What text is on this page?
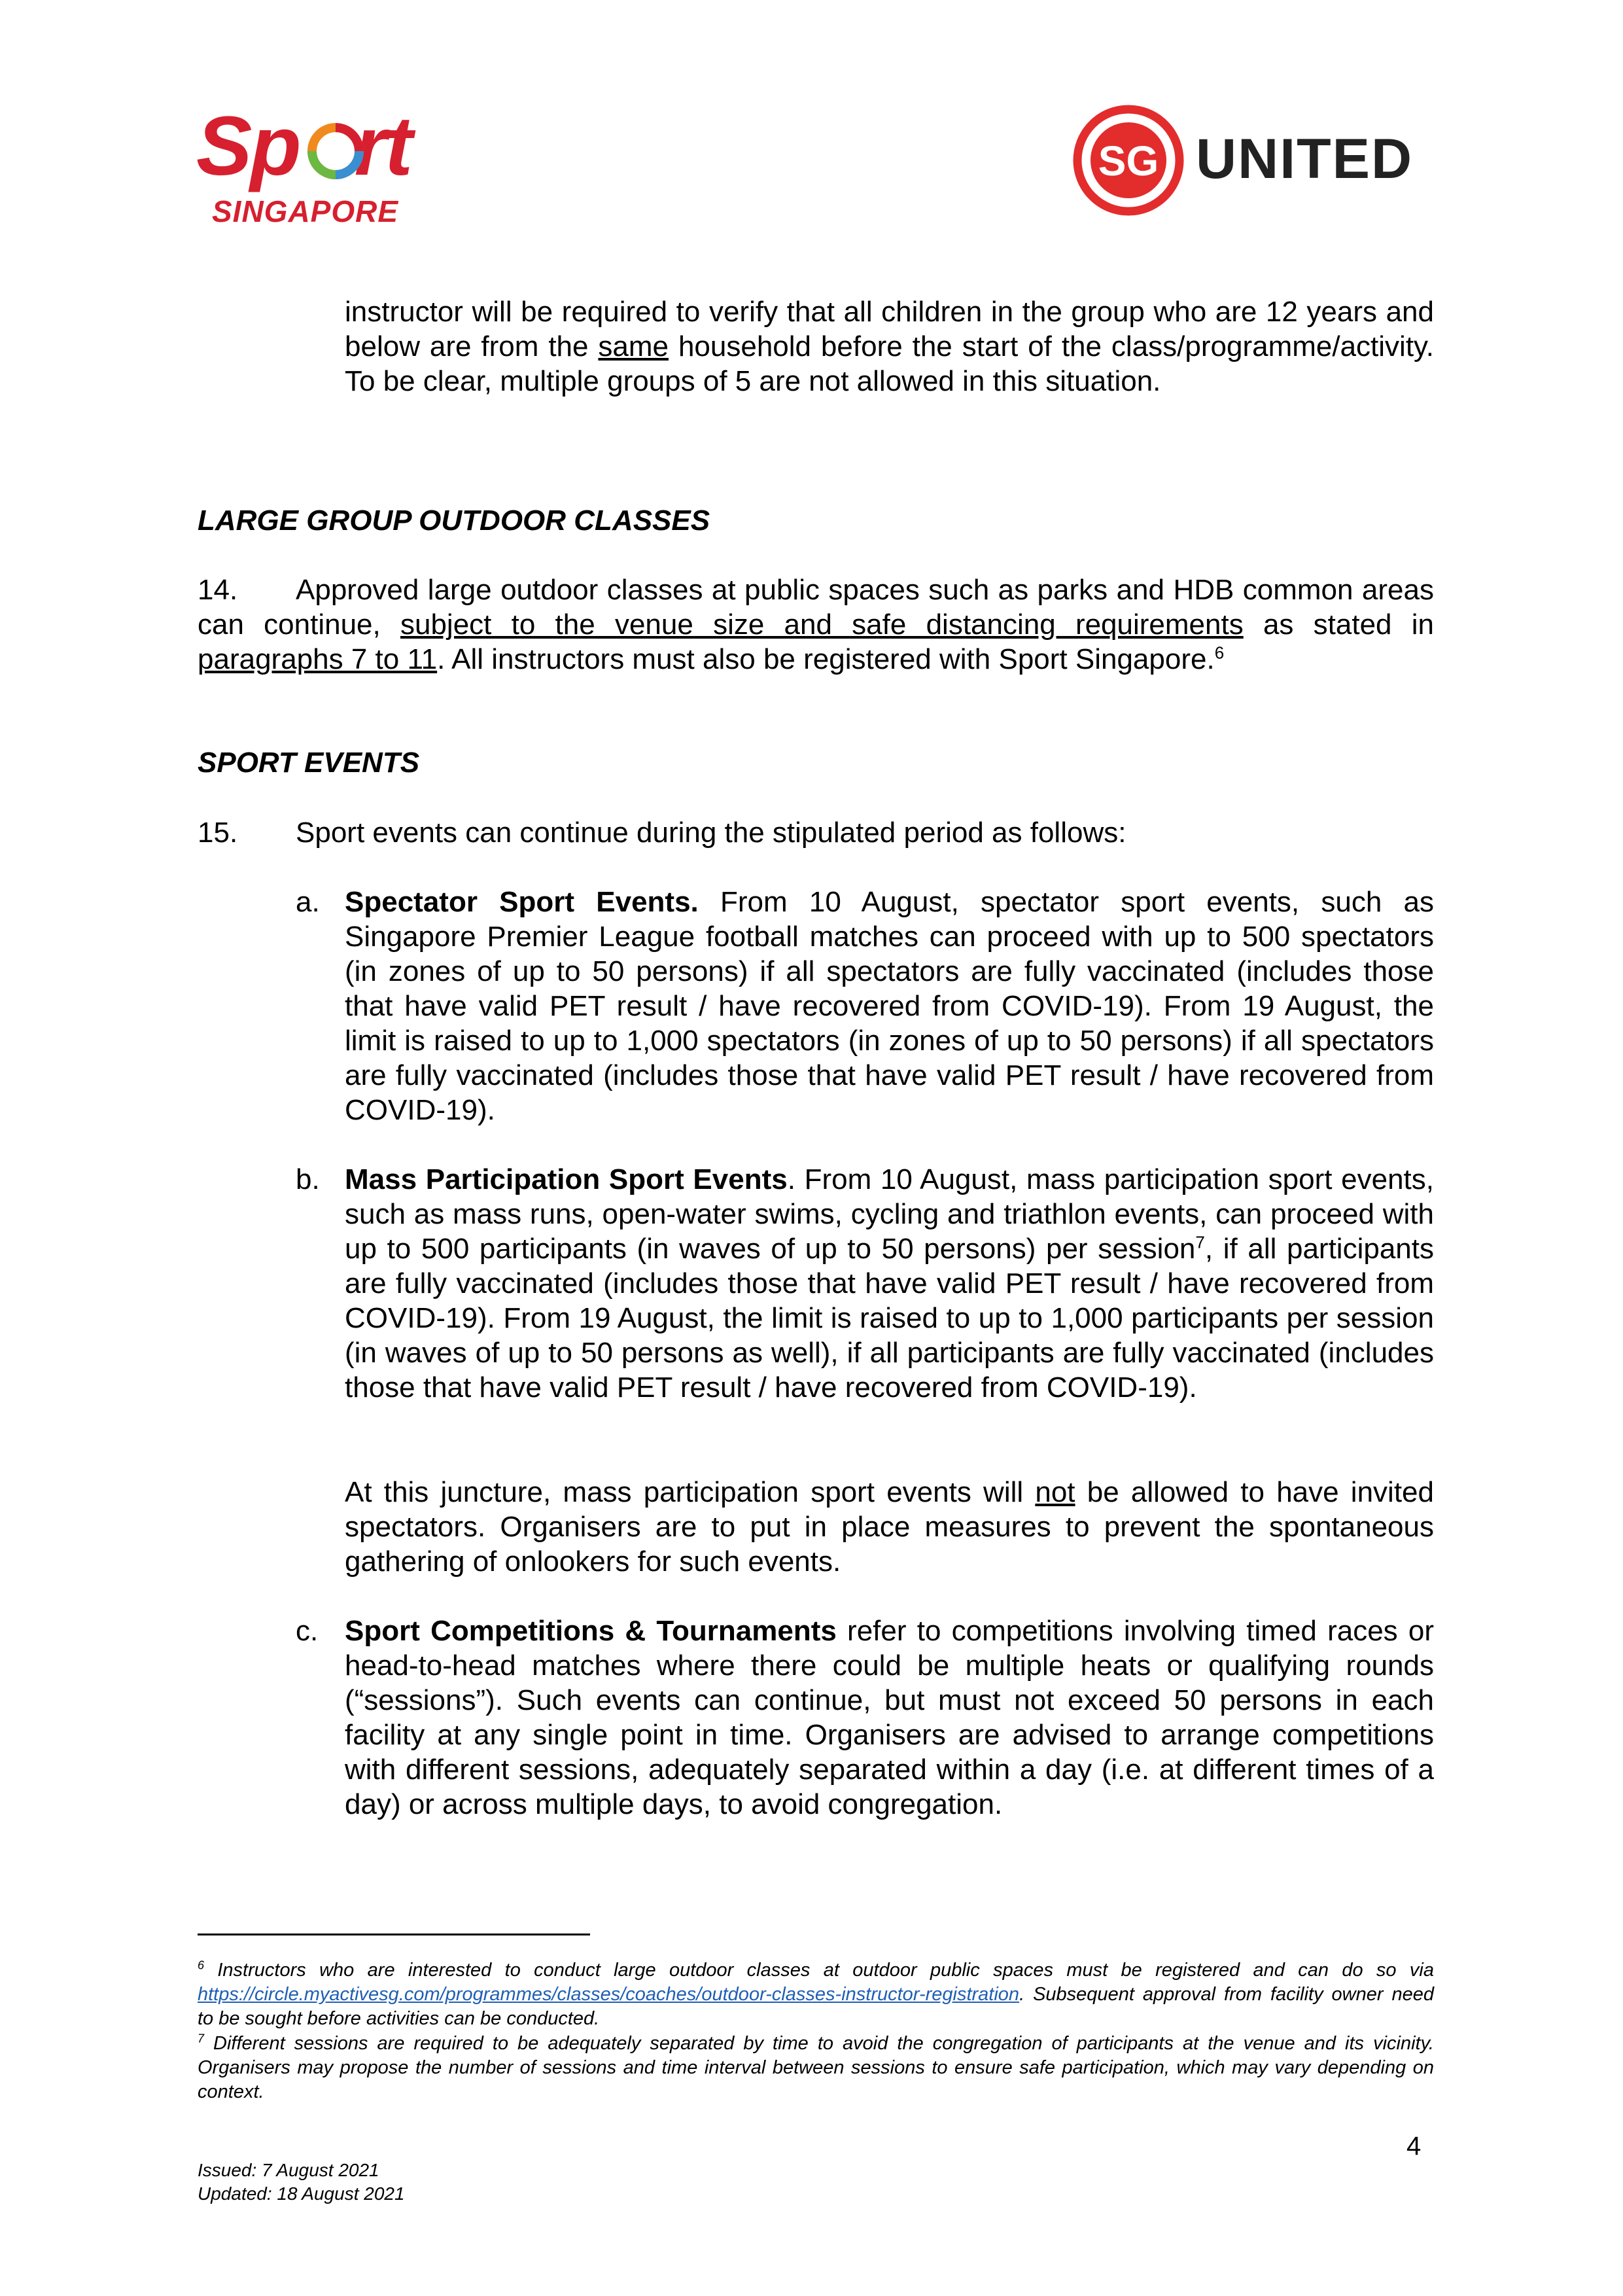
Sp rt
SINGAPORE
SG UNITED
instructor will be required to verify that all children in the group who are 12 years and below are from the same household before the start of the class/programme/activity. To be clear, multiple groups of 5 are not allowed in this situation.
LARGE GROUP OUTDOOR CLASSES
Approved large outdoor classes at public spaces such as parks and HDB common areas can continue, subject to the venue size and safe distancing requirements as stated in paragraphs 7 to 11. All instructors must also be registered with Sport Singapore.$^6$
14.
SPORT EVENTS
15. Sport events can continue during the stipulated period as follows:
a. Spectator Sport Events. From 10 August, spectator sport events, such as Singapore Premier League football matches can proceed with up to 500 spectators (in zones of up to 50 persons) if all spectators are fully vaccinated (includes those that have valid PET result / have recovered from COVID-19). From 19 August, the limit is raised to up to 1,000 spectators (in zones of up to 50 persons) if all spectators are fully vaccinated (includes those that have valid PET result / have recovered from COVID-19).
b. Mass Participation Sport Events. From 10 August, mass participation sport events, such as mass runs, open-water swims, cycling and triathlon events, can proceed with up to 500 participants (in waves of up to 50 persons) per session$^7$, if all participants are fully vaccinated (includes those that have valid PET result / have recovered from COVID-19). From 19 August, the limit is raised to up to 1,000 participants per session (in waves of up to 50 persons as well), if all participants are fully vaccinated (includes those that have valid PET result / have recovered from COVID-19).
At this juncture, mass participation sport events will not be allowed to have invited spectators. Organisers are to put in place measures to prevent the spontaneous gathering of onlookers for such events.
c. Sport Competitions & Tournaments refer to competitions involving timed races or head-to-head matches where there could be multiple heats or qualifying rounds (“sessions”). Such events can continue, but must not exceed 50 persons in each facility at any single point in time. Organisers are advised to arrange competitions with different sessions, adequately separated within a day (i.e. at different times of a day) or across multiple days, to avoid congregation.
$^6$ Instructors who are interested to conduct large outdoor classes at outdoor public spaces must be registered and can do so via https://circle.myactivesg.com/programmes/classes/coaches/outdoor-classes-instructor-registration. Subsequent approval from facility owner need to be sought before activities can be conducted.
$^7$ Different sessions are required to be adequately separated by time to avoid the congregation of participants at the venue and its vicinity. Organisers may propose the number of sessions and time interval between sessions to ensure safe participation, which may vary depending on context.
4
Issued: 7 August 2021
Updated: 18 August 2021
